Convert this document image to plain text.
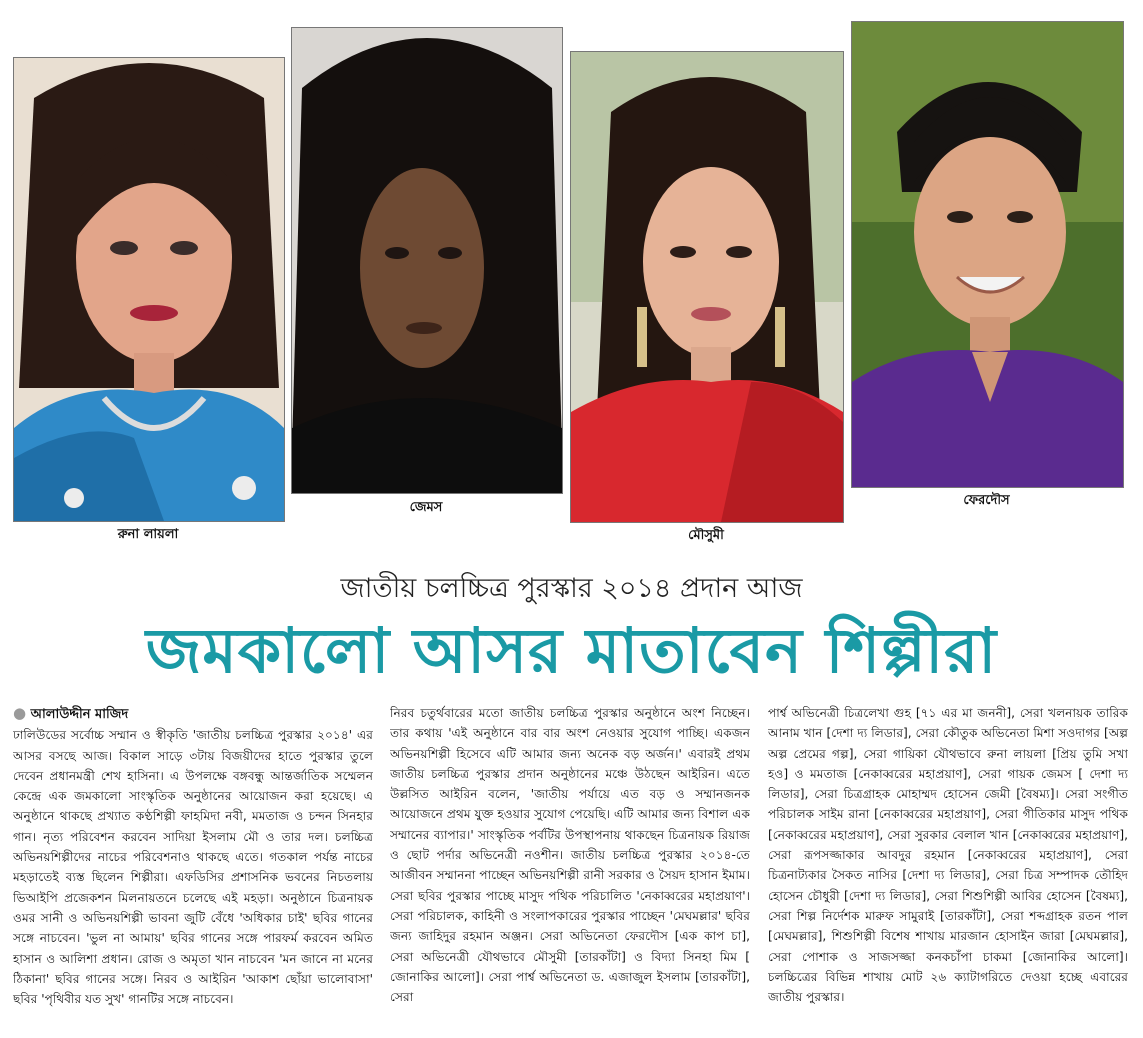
রুনা লায়লা
জেমস
মৌসুমী
ফেরদৌস
জাতীয় চলচ্চিত্র পুরস্কার ২০১৪ প্রদান আজ
জমকালো আসর মাতাবেন শিল্পীরা
● আলাউদ্দীন মাজিদ

ঢালিউডের সর্বোচ্চ সম্মান ও স্বীকৃতি 'জাতীয় চলচ্চিত্র পুরস্কার ২০১৪' এর আসর বসছে আজ। বিকাল সাড়ে ৩টায় বিজয়ীদের হাতে পুরস্কার তুলে দেবেন প্রধানমন্ত্রী শেখ হাসিনা। এ উপলক্ষে বঙ্গবন্ধু আন্তর্জাতিক সম্মেলন কেন্দ্রে এক জমকালো সাংস্কৃতিক অনুষ্ঠানের আয়োজন করা হয়েছে। এ অনুষ্ঠানে থাকছে প্রখ্যাত কণ্ঠশিল্পী ফাহমিদা নবী, মমতাজ ও চন্দন সিনহার গান। নৃত্য পরিবেশন করবেন সাদিয়া ইসলাম মৌ ও তার দল। চলচ্চিত্র অভিনয়শিল্পীদের নাচের পরিবেশনাও থাকছে এতে। গতকাল পর্যন্ত নাচের মহড়াতেই ব্যস্ত ছিলেন শিল্পীরা। এফডিসির প্রশাসনিক ভবনের নিচতলায় ভিআইপি প্রজেকশন মিলনায়তনে চলেছে এই মহড়া। অনুষ্ঠানে চিত্রনায়ক ওমর সানী ও অভিনয়শিল্পী ভাবনা জুটি বেঁধে 'অধিকার চাই' ছবির গানের সঙ্গে নাচবেন। 'ভুল না আমায়' ছবির গানের সঙ্গে পারফর্ম করবেন অমিত হাসান ও আলিশা প্রধান। রোজ ও অমৃতা খান নাচবেন 'মন জানে না মনের ঠিকানা' ছবির গানের সঙ্গে। নিরব ও আইরিন 'আকাশ ছোঁয়া ভালোবাসা' ছবির 'পৃথিবীর যত সুখ' গানটির সঙ্গে নাচবেন।

নিরব চতুর্থবারের মতো জাতীয় চলচ্চিত্র পুরস্কার অনুষ্ঠানে অংশ নিচ্ছেন। তার কথায় 'এই অনুষ্ঠানে বার বার অংশ নেওয়ার সুযোগ পাচ্ছি। একজন অভিনয়শিল্পী হিসেবে এটি আমার জন্য অনেক বড় অর্জন।' এবারই প্রথম জাতীয় চলচ্চিত্র পুরস্কার প্রদান অনুষ্ঠানের মঞ্চে উঠছেন আইরিন। এতে উল্লসিত আইরিন বলেন, 'জাতীয় পর্যায়ে এত বড় ও সম্মানজনক আয়োজনে প্রথম যুক্ত হওয়ার সুযোগ পেয়েছি। এটি আমার জন্য বিশাল এক সম্মানের ব্যাপার।' সাংস্কৃতিক পর্বটির উপস্থাপনায় থাকছেন চিত্রনায়ক রিয়াজ ও ছোট পর্দার অভিনেত্রী নওশীন। জাতীয় চলচ্চিত্র পুরস্কার ২০১৪-তে আজীবন সম্মাননা পাচ্ছেন অভিনয়শিল্পী রানী সরকার ও সৈয়দ হাসান ইমাম। সেরা ছবির পুরস্কার পাচ্ছে মাসুদ পথিক পরিচালিত 'নেকাব্বরের মহাপ্রয়াণ'। সেরা পরিচালক, কাহিনী ও সংলাপকারের পুরস্কার পাচ্ছেন 'মেঘমল্লার' ছবির জন্য জাহিদুর রহমান অঞ্জন। সেরা অভিনেতা ফেরদৌস [এক কাপ চা], সেরা অভিনেত্রী যৌথভাবে মৌসুমী [তারকাঁটা] ও বিদ্যা সিনহা মিম [ জোনাকির আলো]। সেরা পার্শ্ব অভিনেতা ড. এজাজুল ইসলাম [তারকাঁটা], সেরা

পার্শ্ব অভিনেত্রী চিত্রলেখা গুহ [৭১ এর মা জননী], সেরা খলনায়ক তারিক আনাম খান [দেশা দ্য লিডার], সেরা কৌতুক অভিনেতা মিশা সওদাগর [অল্প অল্প প্রেমের গল্প], সেরা গায়িকা যৌথভাবে রুনা লায়লা [প্রিয় তুমি সখা হও] ও মমতাজ [নেকাব্বরের মহাপ্রয়াণ], সেরা গায়ক জেমস [ দেশা দ্য লিডার], সেরা চিত্রগ্রাহক মোহাম্মদ হোসেন জেমী [বৈষম্য]। সেরা সংগীত পরিচালক সাইম রানা [নেকাব্বরের মহাপ্রয়াণ], সেরা গীতিকার মাসুদ পথিক [নেকাব্বরের মহাপ্রয়াণ], সেরা সুরকার বেলাল খান [নেকাব্বরের মহাপ্রয়াণ], সেরা রূপসজ্জাকার আবদুর রহমান [নেকাব্বরের মহাপ্রয়াণ], সেরা চিত্রনাট্যকার সৈকত নাসির [দেশা দ্য লিডার], সেরা চিত্র সম্পাদক তৌহিদ হোসেন চৌধুরী [দেশা দ্য লিডার], সেরা শিশুশিল্পী আবির হোসেন [বৈষম্য], সেরা শিল্প নির্দেশক মারুফ সামুরাই [তারকাঁটা], সেরা শব্দগ্রাহক রতন পাল [মেঘমল্লার], শিশুশিল্পী বিশেষ শাখায় মারজান হোসাইন জারা [মেঘমল্লার], সেরা পোশাক ও সাজসজ্জা কনকচাঁপা চাকমা [জোনাকির আলো]। চলচ্চিত্রের বিভিন্ন শাখায় মোট ২৬ ক্যাটাগরিতে দেওয়া হচ্ছে এবারের জাতীয় পুরস্কার।
